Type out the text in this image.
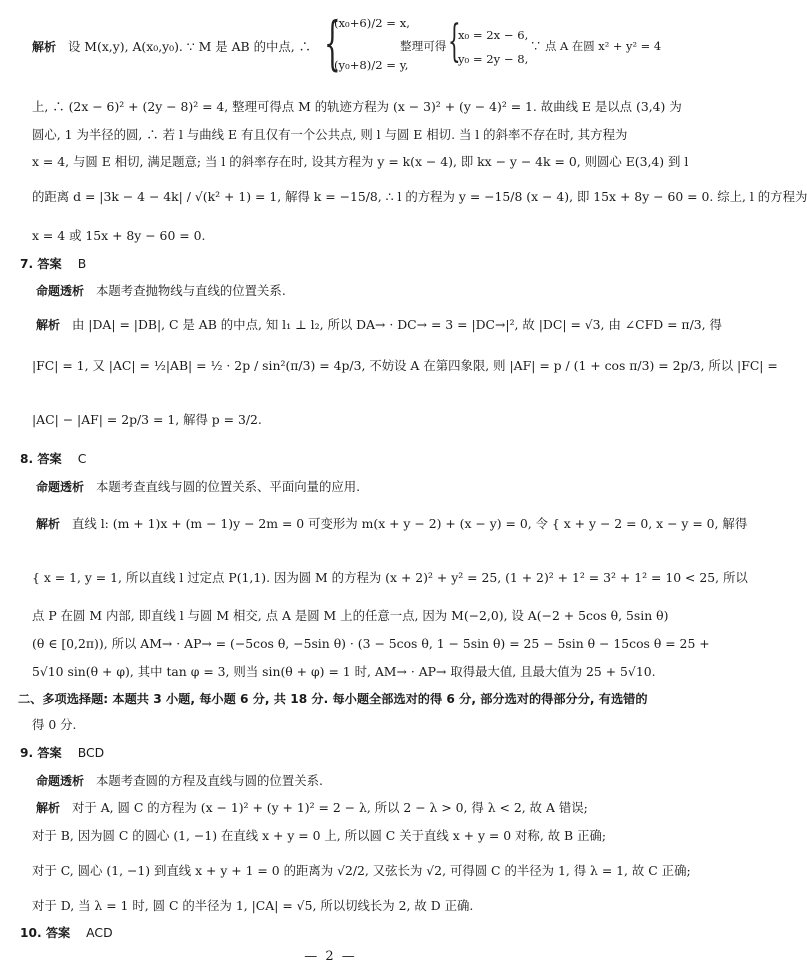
解析 设 M(x,y), A(x₀,y₀). ∵ M 是 AB 的中点, ∴ {
(x₀+6)/2 = x,
(y₀+8)/2 = y,
整理可得 {
x₀ = 2x − 6,
y₀ = 2y − 8,
∵ 点 A 在圆 x² + y² = 4
上, ∴ (2x − 6)² + (2y − 8)² = 4, 整理可得点 M 的轨迹方程为 (x − 3)² + (y − 4)² = 1. 故曲线 E 是以点 (3,4) 为
圆心, 1 为半径的圆, ∴ 若 l 与曲线 E 有且仅有一个公共点, 则 l 与圆 E 相切. 当 l 的斜率不存在时, 其方程为
x = 4, 与圆 E 相切, 满足题意; 当 l 的斜率存在时, 设其方程为 y = k(x − 4), 即 kx − y − 4k = 0, 则圆心 E(3,4) 到 l
的距离 d = |3k − 4 − 4k| / √(k² + 1) = 1, 解得 k = −15/8, ∴ l 的方程为 y = −15/8 (x − 4), 即 15x + 8y − 60 = 0. 综上, l 的方程为
x = 4 或 15x + 8y − 60 = 0.
7. 答案 B
命题透析 本题考查抛物线与直线的位置关系.
解析 由 |DA| = |DB|, C 是 AB 的中点, 知 l₁ ⊥ l₂, 所以 DA→ · DC→ = 3 = |DC→|², 故 |DC| = √3, 由 ∠CFD = π/3, 得
|FC| = 1, 又 |AC| = ½|AB| = ½ · 2p / sin²(π/3) = 4p/3, 不妨设 A 在第四象限, 则 |AF| = p / (1 + cos π/3) = 2p/3, 所以 |FC| =
|AC| − |AF| = 2p/3 = 1, 解得 p = 3/2.
8. 答案 C
命题透析 本题考查直线与圆的位置关系、平面向量的应用.
解析 直线 l: (m + 1)x + (m − 1)y − 2m = 0 可变形为 m(x + y − 2) + (x − y) = 0, 令 { x + y − 2 = 0, x − y = 0, 解得
{ x = 1, y = 1, 所以直线 l 过定点 P(1,1). 因为圆 M 的方程为 (x + 2)² + y² = 25, (1 + 2)² + 1² = 3² + 1² = 10 < 25, 所以
点 P 在圆 M 内部, 即直线 l 与圆 M 相交, 点 A 是圆 M 上的任意一点, 因为 M(−2,0), 设 A(−2 + 5cos θ, 5sin θ)
(θ ∈ [0,2π)), 所以 AM→ · AP→ = (−5cos θ, −5sin θ) · (3 − 5cos θ, 1 − 5sin θ) = 25 − 5sin θ − 15cos θ = 25 +
5√10 sin(θ + φ), 其中 tan φ = 3, 则当 sin(θ + φ) = 1 时, AM→ · AP→ 取得最大值, 且最大值为 25 + 5√10.
二、多项选择题: 本题共 3 小题, 每小题 6 分, 共 18 分. 每小题全部选对的得 6 分, 部分选对的得部分分, 有选错的
得 0 分.
9. 答案 BCD
命题透析 本题考查圆的方程及直线与圆的位置关系.
解析 对于 A, 圆 C 的方程为 (x − 1)² + (y + 1)² = 2 − λ, 所以 2 − λ > 0, 得 λ < 2, 故 A 错误;
对于 B, 因为圆 C 的圆心 (1, −1) 在直线 x + y = 0 上, 所以圆 C 关于直线 x + y = 0 对称, 故 B 正确;
对于 C, 圆心 (1, −1) 到直线 x + y + 1 = 0 的距离为 √2/2, 又弦长为 √2, 可得圆 C 的半径为 1, 得 λ = 1, 故 C 正确;
对于 D, 当 λ = 1 时, 圆 C 的半径为 1, |CA| = √5, 所以切线长为 2, 故 D 正确.
10. 答案 ACD
— 2 —
